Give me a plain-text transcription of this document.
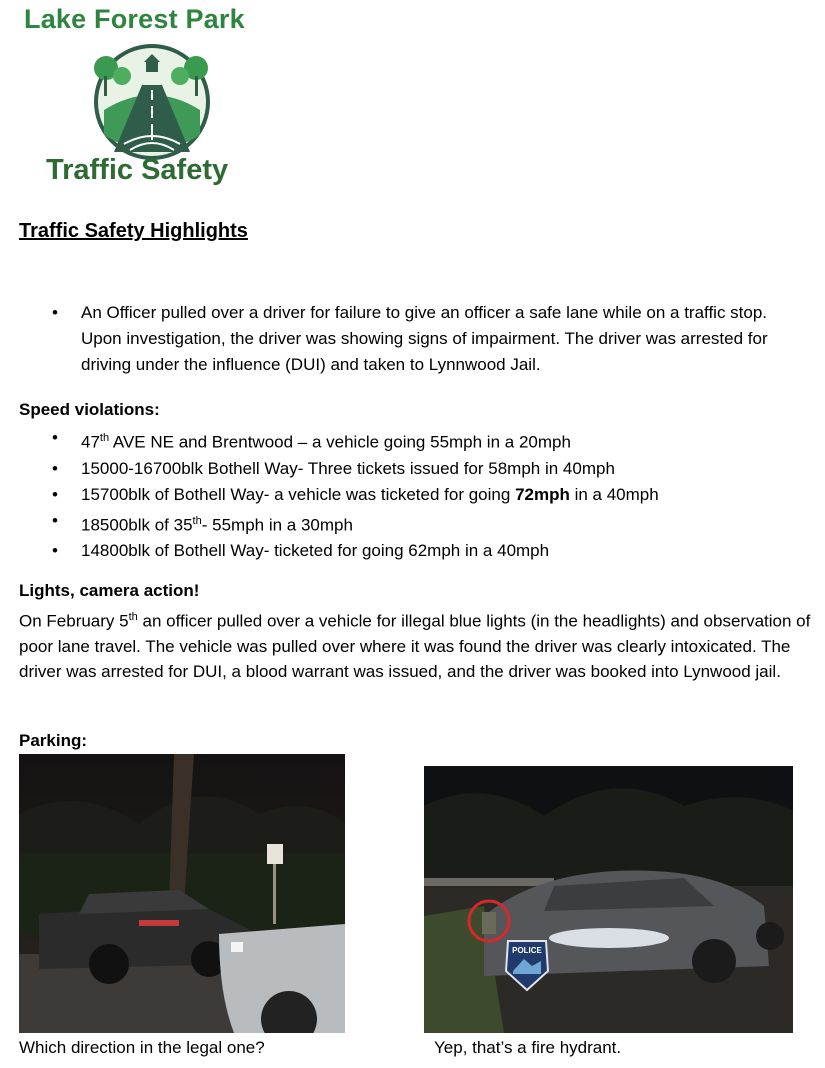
Lake Forest Park
Traffic Safety
Traffic Safety Highlights
• An Officer pulled over a driver for failure to give an officer a safe lane while on a traffic stop. Upon investigation, the driver was showing signs of impairment. The driver was arrested for driving under the influence (DUI) and taken to Lynnwood Jail.
Speed violations:
• 47th AVE NE and Brentwood – a vehicle going 55mph in a 20mph
• 15000-16700blk Bothell Way- Three tickets issued for 58mph in 40mph
• 15700blk of Bothell Way- a vehicle was ticketed for going 72mph in a 40mph
• 18500blk of 35th- 55mph in a 30mph
• 14800blk of Bothell Way- ticketed for going 62mph in a 40mph
Lights, camera action!
On February 5th an officer pulled over a vehicle for illegal blue lights (in the headlights) and observation of poor lane travel. The vehicle was pulled over where it was found the driver was clearly intoxicated. The driver was arrested for DUI, a blood warrant was issued, and the driver was booked into Lynwood jail.
Parking:
POLICE
Which direction in the legal one?	Yep, that’s a fire hydrant.
